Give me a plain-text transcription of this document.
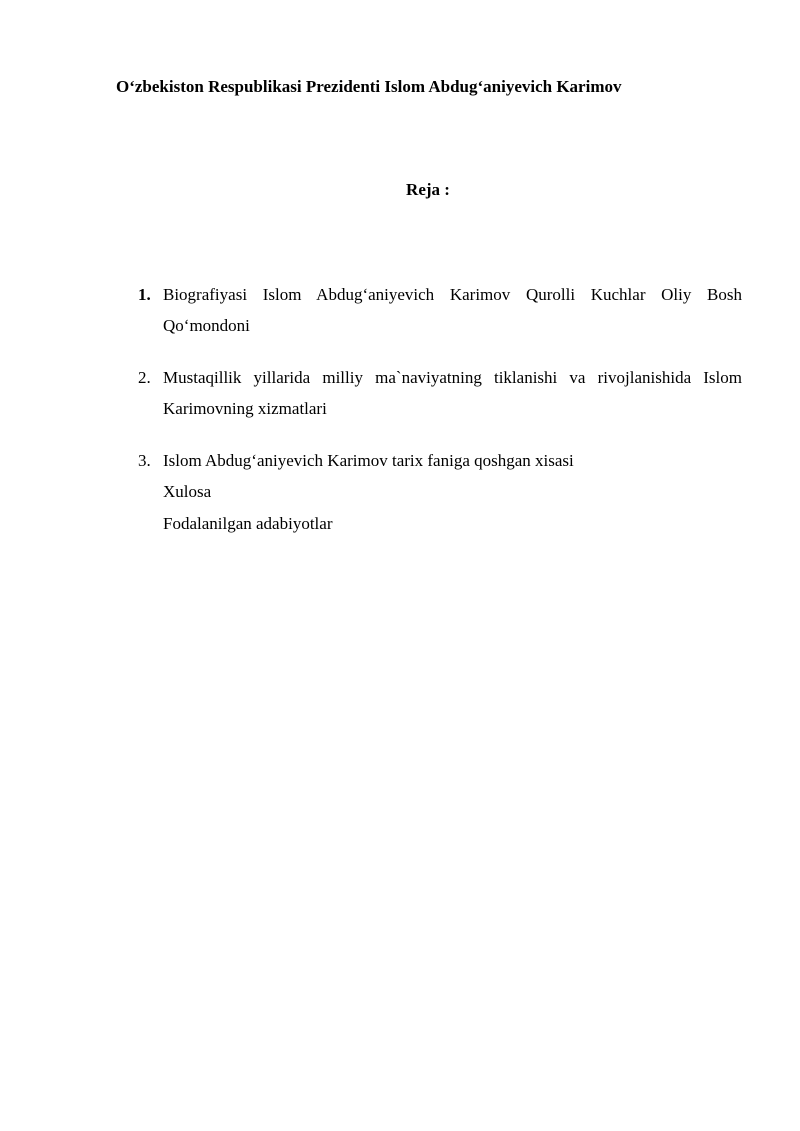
O‘zbekiston Respublikasi Prezidenti Islom Abdug‘aniyevich Karimov
Reja :
1. Biografiyasi Islom Abdug‘aniyevich Karimov Qurolli Kuchlar Oliy Bosh Qo‘mondoni
2. Mustaqillik yillarida milliy ma`naviyatning tiklanishi va rivojlanishida Islom Karimovning xizmatlari
3. Islom Abdug‘aniyevich Karimov tarix faniga qoshgan xisasi
Xulosa
Fodalanilgan adabiyotlar
